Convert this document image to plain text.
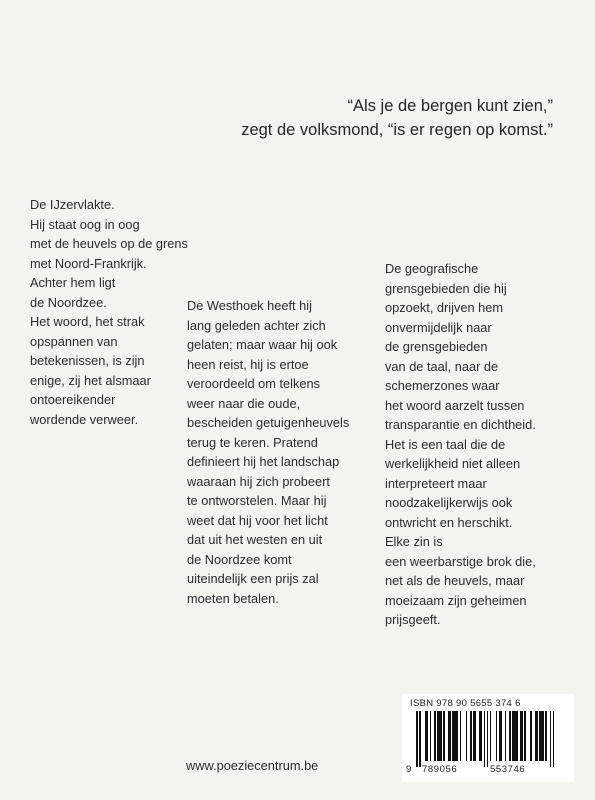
“Als je de bergen kunt zien,”
zegt de volksmond, “is er regen op komst.”

De IJzervlakte.
Hij staat oog in oog
met de heuvels op de grens
met Noord-Frankrijk.
Achter hem ligt
de Noordzee.
Het woord, het strak
opspannen van
betekenissen, is zijn
enige, zij het alsmaar
ontoereikender
wordende verweer.

De Westhoek heeft hij
lang geleden achter zich
gelaten; maar waar hij ook
heen reist, hij is ertoe
veroordeeld om telkens
weer naar die oude,
bescheiden getuigenheuvels
terug te keren. Pratend
definieert hij het landschap
waaraan hij zich probeert
te ontworstelen. Maar hij
weet dat hij voor het licht
dat uit het westen en uit
de Noordzee komt
uiteindelijk een prijs zal
moeten betalen.

De geografische
grensgebieden die hij
opzoekt, drijven hem
onvermijdelijk naar
de grensgebieden
van de taal, naar de
schemerzones waar
het woord aarzelt tussen
transparantie en dichtheid.
Het is een taal die de
werkelijkheid niet alleen
interpreteert maar
noodzakelijkerwijs ook
ontwricht en herschikt.
Elke zin is
een weerbarstige brok die,
net als de heuvels, maar
moeizaam zijn geheimen
prijsgeeft.

ISBN 978 90 5655 374 6
9 789056	553746
www.poeziecentrum.be
